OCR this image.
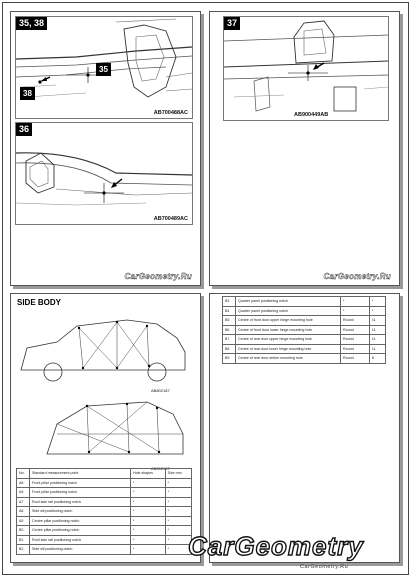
35, 38
35
38
AB700488AC
36
AB700489AC
CarGeometry.Ru
37
AB900449AB
CarGeometry.Ru
SIDE BODY
AB802187
AB802187
No.	Standard measurement point	Hole shapes	Size mm
A8	Front pillar positioning notch	*	*
A9	Front pillar positioning notch	*	*
A7	Roof side rail positioning notch	*	*
A8	Side sill positioning notch	*	*
A9	Centre pillar positioning notch	*	*
B0	Centre pillar positioning notch	*	*
B1	Roof side rail positioning notch	*	*
B2	Side sill positioning notch	*	*
B3	Quarter panel positioning notch	*	*
B4	Quarter panel positioning notch	*	*
B5	Centre of front door upper hinge mounting hole	Round	11
B6	Centre of front door lower hinge mounting hole	Round	11
B7	Centre of rear door upper hinge mounting hole	Round	11
B8	Centre of rear door lower hinge mounting hole	Round	11
B9	Centre of rear door striker mounting hole	Round	8
CarGeometry
CarGeometry.Ru
